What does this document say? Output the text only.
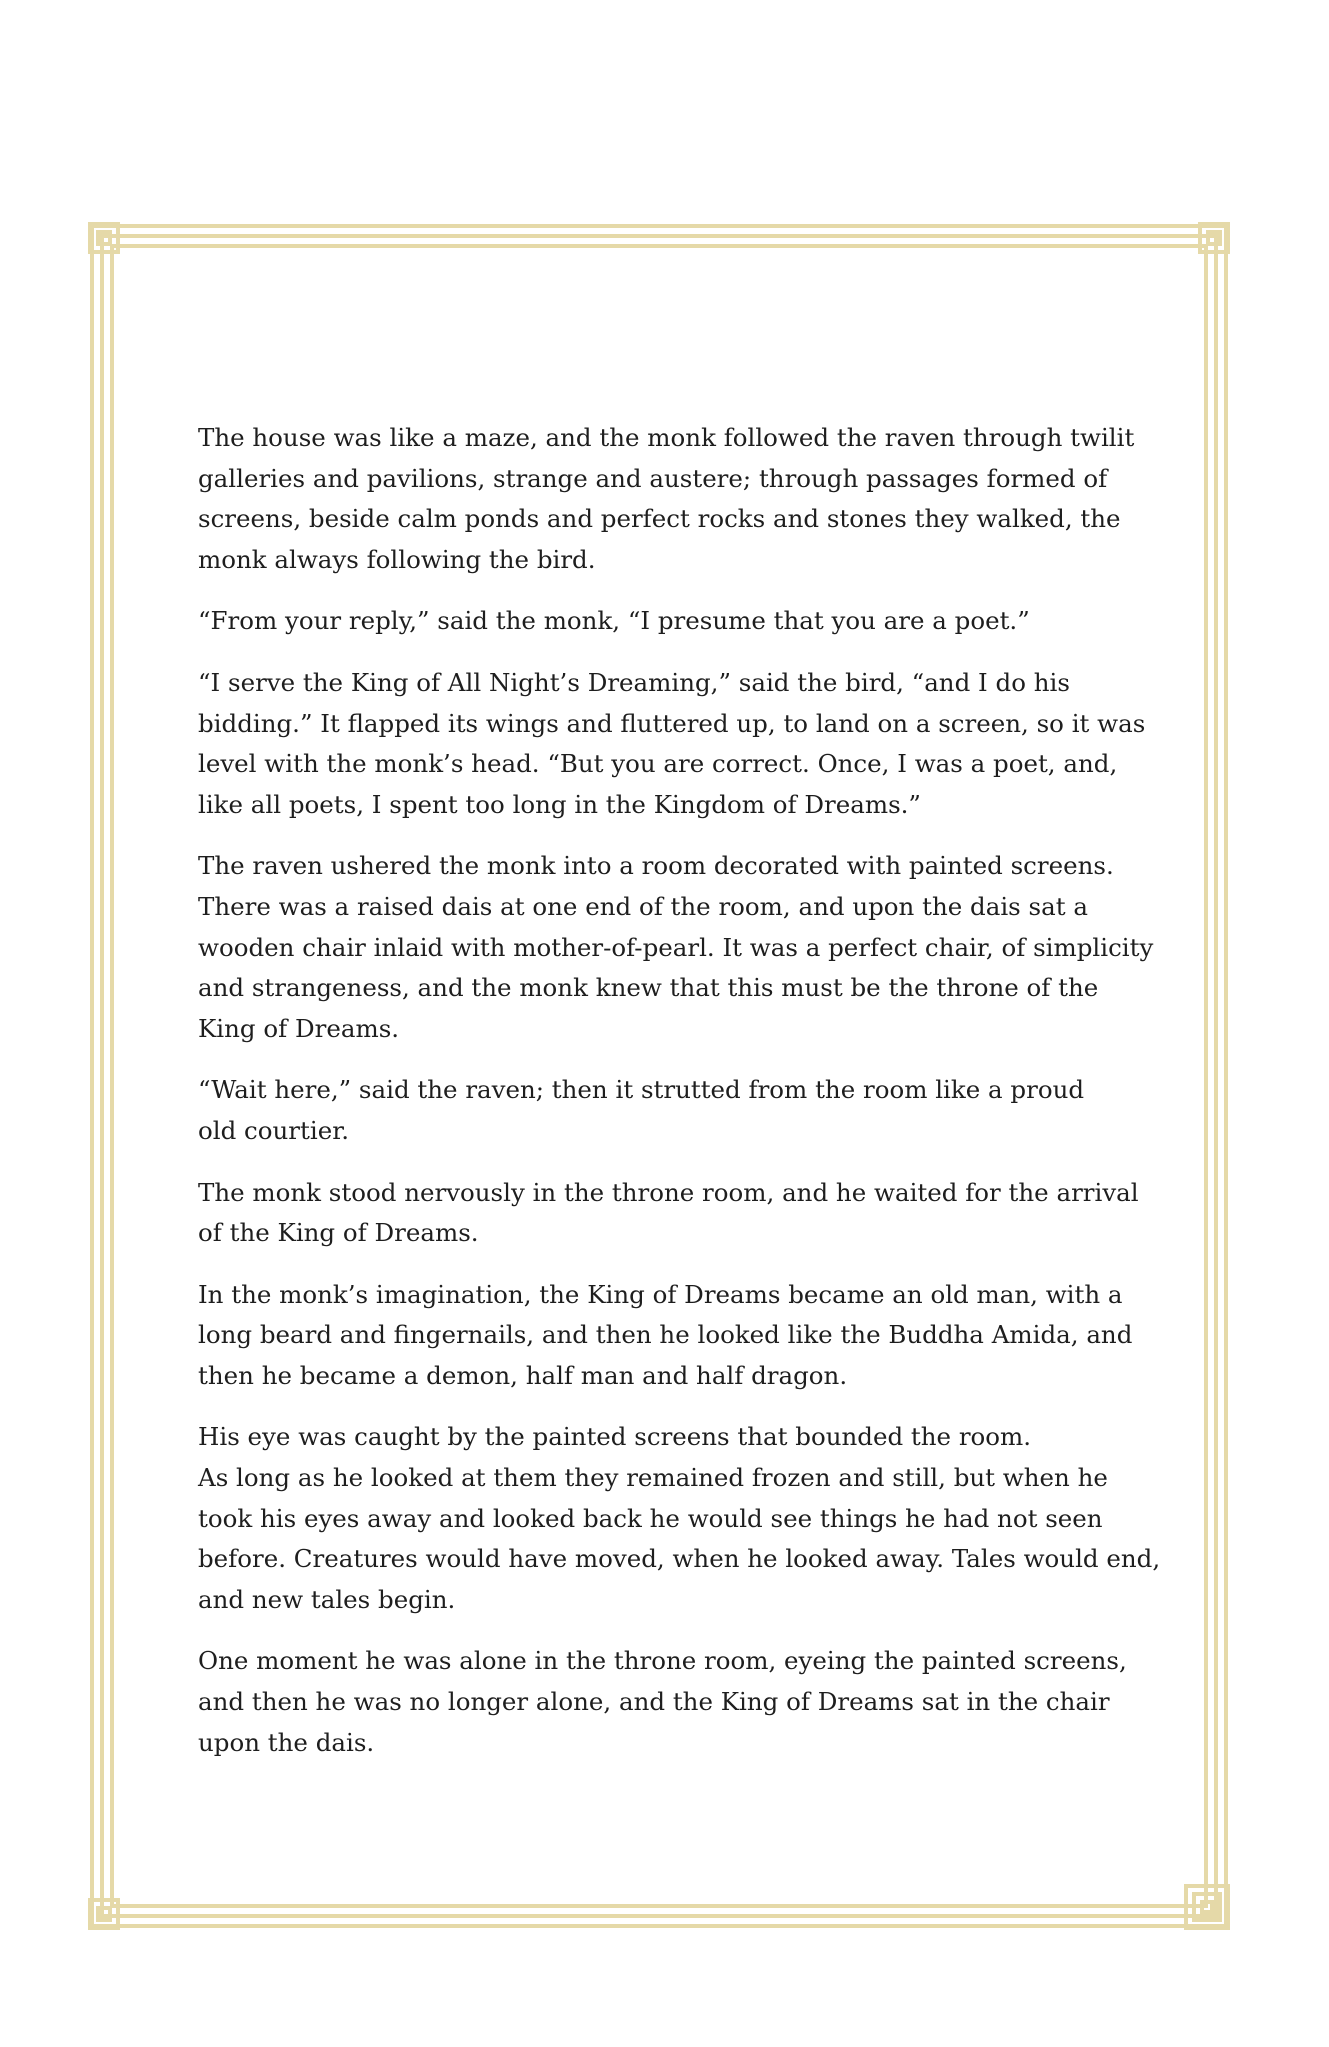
The house was like a maze, and the monk followed the raven through twilit
galleries and pavilions, strange and austere; through passages formed of
screens, beside calm ponds and perfect rocks and stones they walked, the
monk always following the bird.

“From your reply,” said the monk, “I presume that you are a poet.”

“I serve the King of All Night’s Dreaming,” said the bird, “and I do his
bidding.” It flapped its wings and fluttered up, to land on a screen, so it was
level with the monk’s head. “But you are correct. Once, I was a poet, and,
like all poets, I spent too long in the Kingdom of Dreams.”

The raven ushered the monk into a room decorated with painted screens.
There was a raised dais at one end of the room, and upon the dais sat a
wooden chair inlaid with mother-of-pearl. It was a perfect chair, of simplicity
and strangeness, and the monk knew that this must be the throne of the
King of Dreams.

“Wait here,” said the raven; then it strutted from the room like a proud
old courtier.

The monk stood nervously in the throne room, and he waited for the arrival
of the King of Dreams.

In the monk’s imagination, the King of Dreams became an old man, with a
long beard and fingernails, and then he looked like the Buddha Amida, and
then he became a demon, half man and half dragon.

His eye was caught by the painted screens that bounded the room.
As long as he looked at them they remained frozen and still, but when he
took his eyes away and looked back he would see things he had not seen
before. Creatures would have moved, when he looked away. Tales would end,
and new tales begin.

One moment he was alone in the throne room, eyeing the painted screens,
and then he was no longer alone, and the King of Dreams sat in the chair
upon the dais.
